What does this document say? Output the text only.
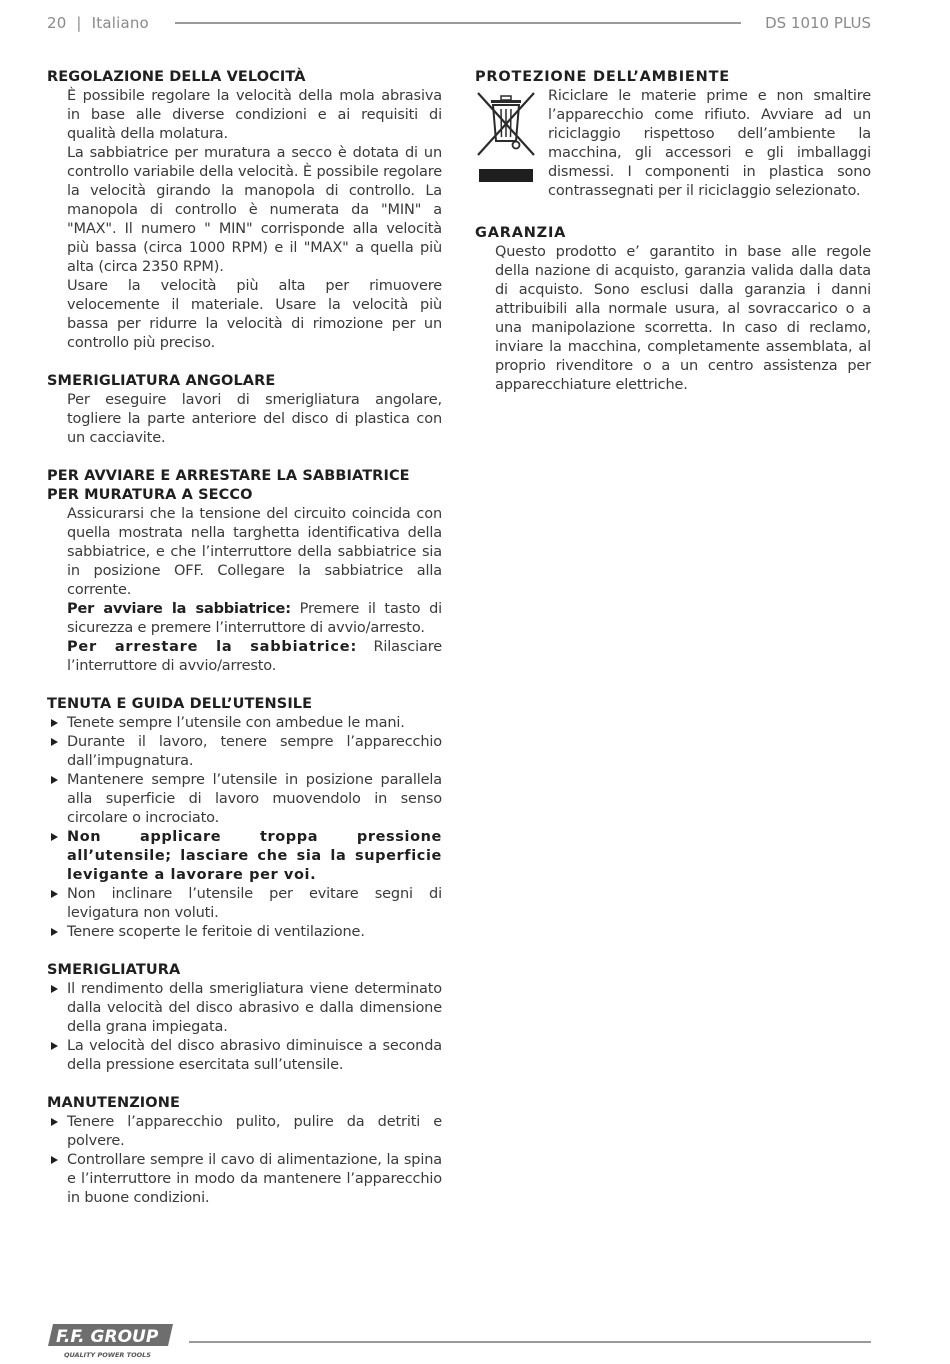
20  |  Italiano	DS 1010 PLUS
REGOLAZIONE DELLA VELOCITÀ

È possibile regolare la velocità della mola abrasiva in base alle diverse condizioni e ai requisiti di qualità della molatura.

La sabbiatrice per muratura a secco è dotata di un controllo variabile della velocità. È possibile regolare la velocità girando la manopola di controllo. La manopola di controllo è numerata da "MIN" a "MAX". Il numero " MIN" corrisponde alla velocità più bassa (circa 1000 RPM) e il "MAX" a quella più alta (circa 2350 RPM).

Usare la velocità più alta per rimuovere velocemente il materiale. Usare la velocità più bassa per ridurre la velocità di rimozione per un controllo più preciso.

SMERIGLIATURA ANGOLARE

Per eseguire lavori di smerigliatura angolare, togliere la parte anteriore del disco di plastica con un cacciavite.

PER AVVIARE E ARRESTARE LA SABBIATRICE PER MURATURA A SECCO

Assicurarsi che la tensione del circuito coincida con quella mostrata nella targhetta identificativa della sabbiatrice, e che l’interruttore della sabbiatrice sia in posizione OFF. Collegare la sabbiatrice alla corrente.

Per avviare la sabbiatrice: Premere il tasto di sicurezza e premere l’interruttore di avvio/arresto.

Per arrestare la sabbiatrice: Rilasciare l’interruttore di avvio/arresto.

TENUTA E GUIDA DELL’UTENSILE
Tenete sempre l’utensile con ambedue le mani.
Durante il lavoro, tenere sempre l’apparecchio dall’impugnatura.
Mantenere sempre l’utensile in posizione parallela alla superficie di lavoro muovendolo in senso circolare o incrociato.
Non applicare troppa pressione all’utensile; lasciare che sia la superficie levigante a lavorare per voi.
Non inclinare l’utensile per evitare segni di levigatura non voluti.
Tenere scoperte le feritoie di ventilazione.
SMERIGLIATURA
Il rendimento della smerigliatura viene determinato dalla velocità del disco abrasivo e dalla dimensione della grana impiegata.
La velocità del disco abrasivo diminuisce a seconda della pressione esercitata sull’utensile.
MANUTENZIONE
Tenere l’apparecchio pulito, pulire da detriti e polvere.
Controllare sempre il cavo di alimentazione, la spina e l’interruttore in modo da mantenere l’apparecchio in buone condizioni.
PROTEZIONE DELL’AMBIENTE
Riciclare le materie prime e non smaltire l’apparecchio come rifiuto. Avviare ad un riciclaggio rispettoso dell’ambiente la macchina, gli accessori e gli imballaggi dismessi. I componenti in plastica sono contrassegnati per il riciclaggio selezionato.
GARANZIA

Questo prodotto e’ garantito in base alle regole della nazione di acquisto, garanzia valida dalla data di acquisto. Sono esclusi dalla garanzia i danni attribuibili alla normale usura, al sovraccarico o a una manipolazione scorretta. In caso di reclamo, inviare la macchina, completamente assemblata, al proprio rivenditore o a un centro assistenza per apparecchiature elettriche.

F.F. GROUP
QUALITY POWER TOOLS
